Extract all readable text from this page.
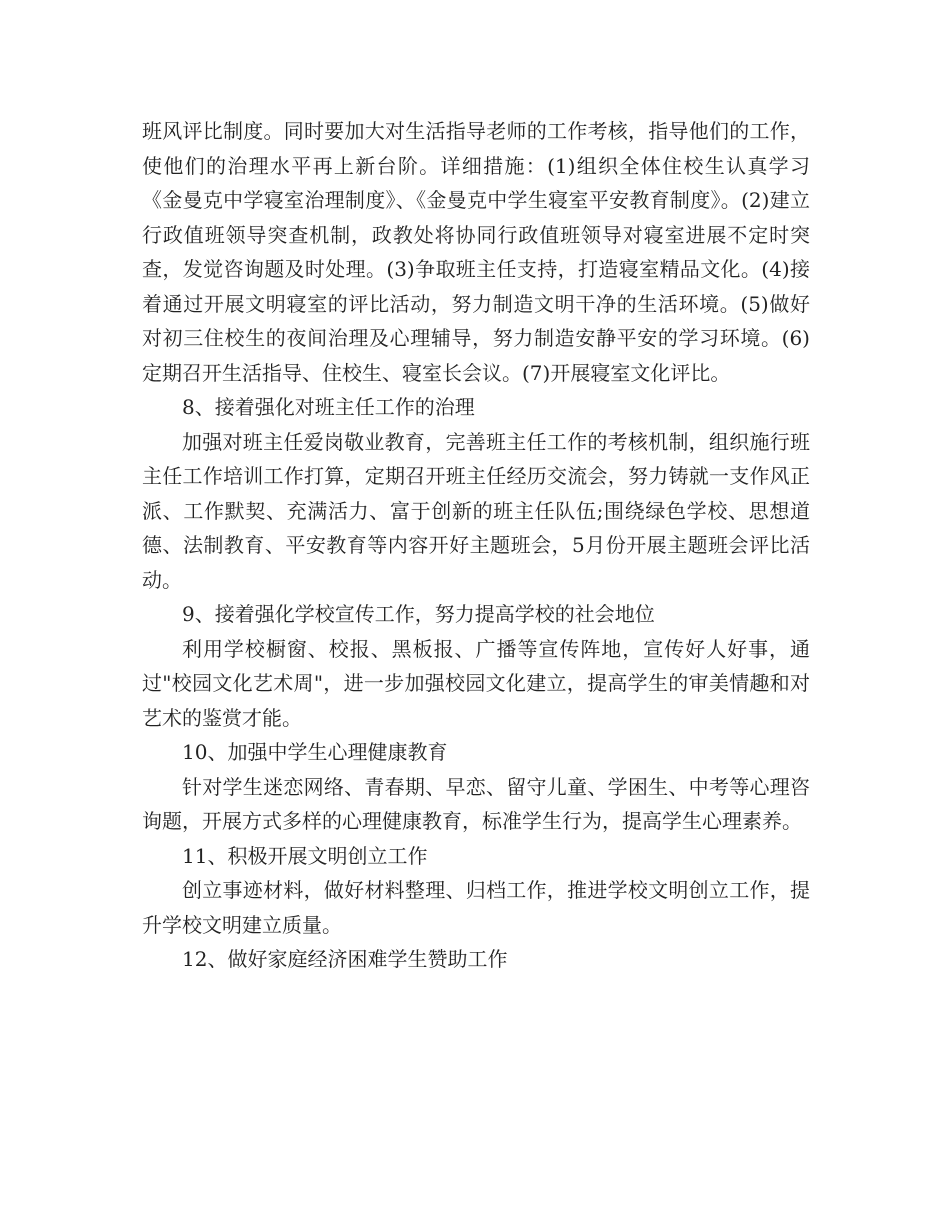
班风评比制度。同时要加大对生活指导老师的工作考核，指导他们的工作，使他们的治理水平再上新台阶。详细措施：(1)组织全体住校生认真学习《金曼克中学寝室治理制度》、《金曼克中学生寝室平安教育制度》。(2)建立行政值班领导突查机制，政教处将协同行政值班领导对寝室进展不定时突查，发觉咨询题及时处理。(3)争取班主任支持，打造寝室精品文化。(4)接着通过开展文明寝室的评比活动，努力制造文明干净的生活环境。(5)做好对初三住校生的夜间治理及心理辅导，努力制造安静平安的学习环境。(6)定期召开生活指导、住校生、寝室长会议。(7)开展寝室文化评比。

8、接着强化对班主任工作的治理

加强对班主任爱岗敬业教育，完善班主任工作的考核机制，组织施行班主任工作培训工作打算，定期召开班主任经历交流会，努力铸就一支作风正派、工作默契、充满活力、富于创新的班主任队伍;围绕绿色学校、思想道德、法制教育、平安教育等内容开好主题班会，5月份开展主题班会评比活动。

9、接着强化学校宣传工作，努力提高学校的社会地位

利用学校橱窗、校报、黑板报、广播等宣传阵地，宣传好人好事，通过"校园文化艺术周"，进一步加强校园文化建立，提高学生的审美情趣和对艺术的鉴赏才能。

10、加强中学生心理健康教育

针对学生迷恋网络、青春期、早恋、留守儿童、学困生、中考等心理咨询题，开展方式多样的心理健康教育，标准学生行为，提高学生心理素养。

11、积极开展文明创立工作

创立事迹材料，做好材料整理、归档工作，推进学校文明创立工作，提升学校文明建立质量。

12、做好家庭经济困难学生赞助工作
